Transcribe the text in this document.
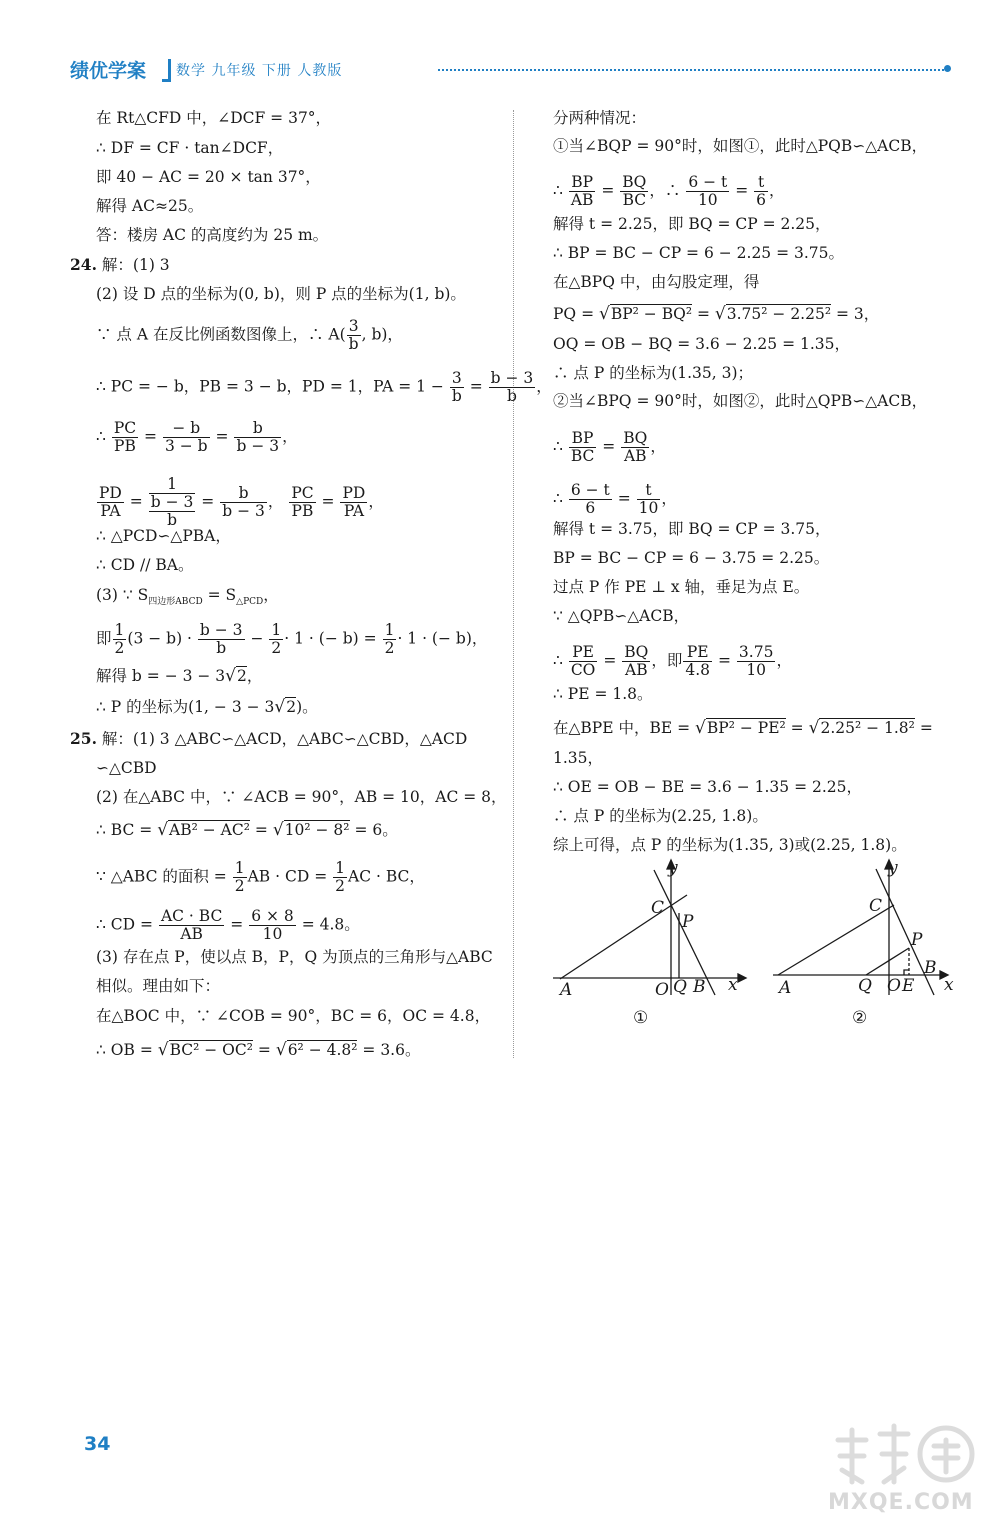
绩优学案 数学 九年级 下册 人教版
在 Rt△CFD 中，∠DCF = 37°，
∴ DF = CF · tan∠DCF，
即 40 − AC = 20 × tan 37°，
解得 AC≈25。
答：楼房 AC 的高度约为 25 m。
24. 解：(1) 3
(2) 设 D 点的坐标为(0, b)，则 P 点的坐标为(1, b)。
∵ 点 A 在反比例函数图像上，∴ $A( \frac{3}{b}$ , b)，
∴ PC = − b，PB = 3 − b，PD = 1，PA = $1 - \frac{3}{b} = \frac{b - 3}{b}$ ，
∴ $\frac{PC}{PB} = \frac{- b}{3 - b} = \frac{b}{b - 3}$ ，
$\frac{PD}{PA}$ =
1
b − 3
b
= $\frac{b}{b - 3}$ ， $\frac{PC}{PB} = \frac{PD}{PA}$ ，
∴ △PCD∽△PBA，
∴ CD // BA。
(3) ∵ $S_{四边形ABCD} = S_{\triangle PCD}$，
即 $\frac{1}{2} (3 - b) \cdot \frac{b - 3}{b} - \frac{1}{2} \cdot 1$ · (− $b) = \frac{1}{2} \cdot 1$ · (− b)，
解得 b = − 3 − 3√2，
∴ P 的坐标为(1, − 3 − 3√2)。
25. 解：(1) 3 △ABC∽△ACD，△ABC∽△CBD，△ACD
∽△CBD
(2) 在△ABC 中，∵ ∠ACB = 90°，AB = 10，AC = 8，
∴ BC = √AB² − AC² = √10² − 8² = 6。
∵ △ABC 的面积 = $\frac{1}{2}$ AB · CD = $\frac{1}{2}$ AC · BC，
∴ CD = $\frac{AC \cdot BC}{AB} = \frac{6 \times 8}{10} = 4.8$。
(3) 存在点 P，使以点 B，P，Q 为顶点的三角形与△ABC
相似。理由如下：
在△BOC 中，∵ ∠COB = 90°，BC = 6，OC = 4.8，
∴ OB = √BC² − OC² = √6² − 4.8² = 3.6。
分两种情况：
①当∠BQP = 90°时，如图①，此时△PQB∽△ACB，
∴ $\frac{BP}{AB} = \frac{BQ}{BC}$ ，∴ $\frac{6 - t}{10} = \frac{t}{6}$ ，
解得 t = 2.25，即 BQ = CP = 2.25，
∴ BP = BC − CP = 6 − 2.25 = 3.75。
在△BPQ 中，由勾股定理，得
PQ = √BP² − BQ² = √3.75² − 2.25² = 3，
OQ = OB − BQ = 3.6 − 2.25 = 1.35，
∴ 点 P 的坐标为(1.35, 3)；
②当∠BPQ = 90°时，如图②，此时△QPB∽△ACB，
∴ $\frac{BP}{BC} = \frac{BQ}{AB}$ ，
∴ $\frac{6 - t}{6} = \frac{t}{10}$ ，
解得 t = 3.75，即 BQ = CP = 3.75，
BP = BC − CP = 6 − 3.75 = 2.25。
过点 P 作 PE ⊥ x 轴，垂足为点 E。
∵ △QPB∽△ACB，
∴ $\frac{PE}{CO} = \frac{BQ}{AB}$ ，即 $\frac{PE}{4.8} = \frac{3.75}{10}$ ，
∴ PE = 1.8。
在△BPE 中，BE = √BP² − PE² = √2.25² − 1.8² =
1.35，
∴ OE = OB − BE = 3.6 − 1.35 = 2.25，
∴ 点 P 的坐标为(2.25, 1.8)。
综上可得，点 P 的坐标为(1.35, 3)或(2.25, 1.8)。
y
x
A	O Q B
C
P
①
y
x
A	Q O E
B
C
P
②
34
MXQE.COM
